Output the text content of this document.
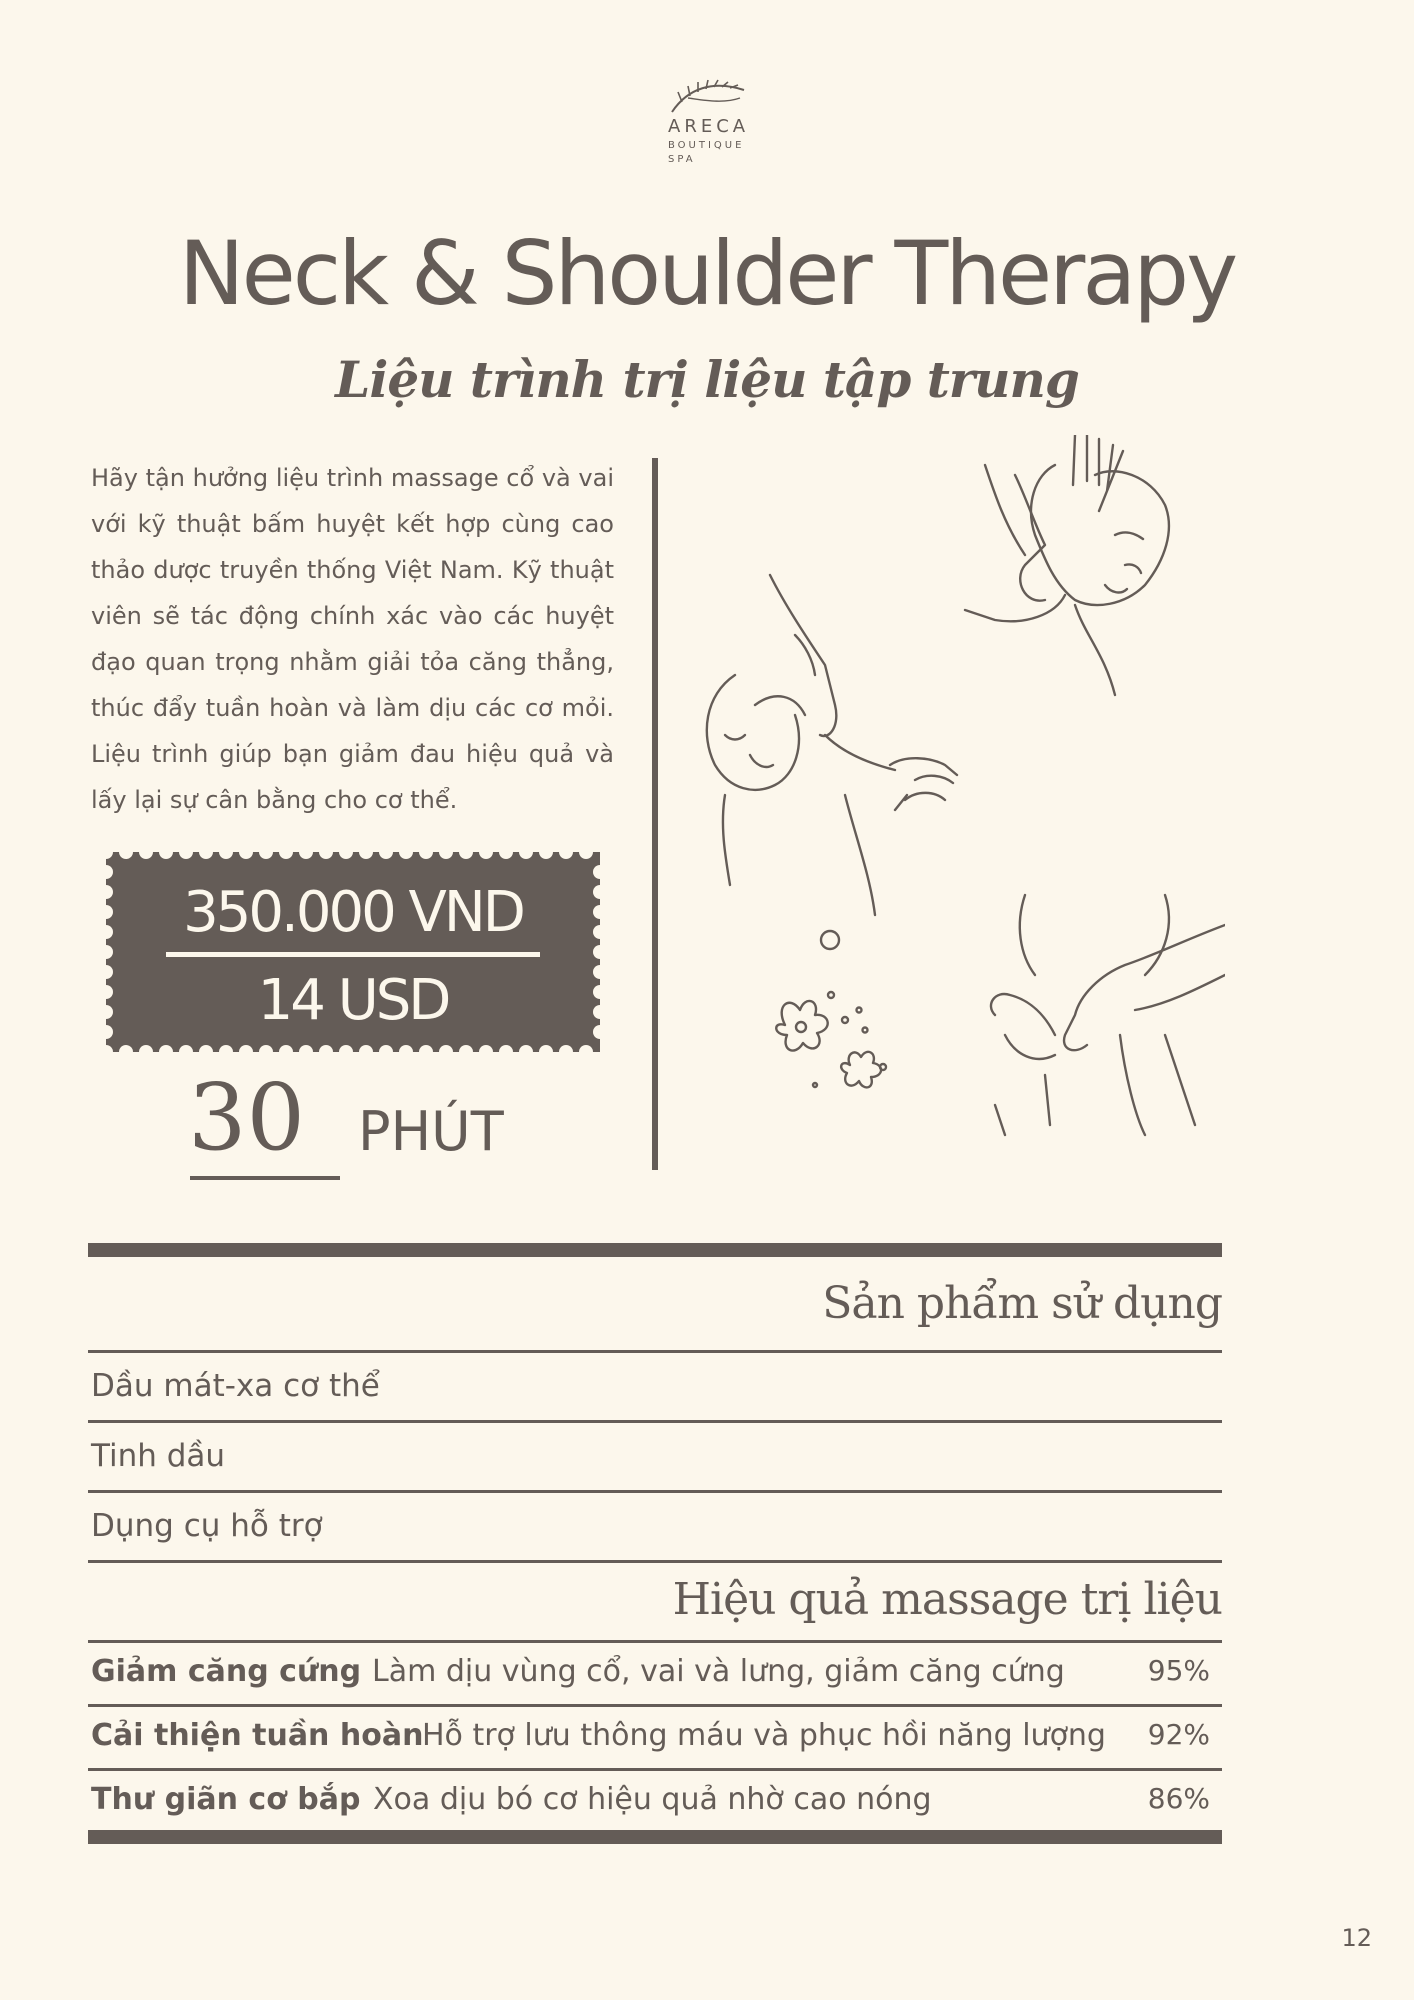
ARECA
BOUTIQUE
SPA
Neck & Shoulder Therapy
Liệu trình trị liệu tập trung

Hãy tận hưởng liệu trình massage cổ và vai với kỹ thuật bấm huyệt kết hợp cùng cao thảo dược truyền thống Việt Nam. Kỹ thuật viên sẽ tác động chính xác vào các huyệt đạo quan trọng nhằm giải tỏa căng thẳng, thúc đẩy tuần hoàn và làm dịu các cơ mỏi. Liệu trình giúp bạn giảm đau hiệu quả và lấy lại sự cân bằng cho cơ thể.

350.000 VND
14 USD
30 PHÚT
Sản phẩm sử dụng
Dầu mát-xa cơ thể
Tinh dầu
Dụng cụ hỗ trợ
Hiệu quả massage trị liệu
Giảm căng cứng Làm dịu vùng cổ, vai và lưng, giảm căng cứng	95%
Cải thiện tuần hoàn
Hỗ trợ lưu thông máu và phục hồi năng lượng 92%
Thư giãn cơ bắp Xoa dịu bó cơ hiệu quả nhờ cao nóng	86%
12
